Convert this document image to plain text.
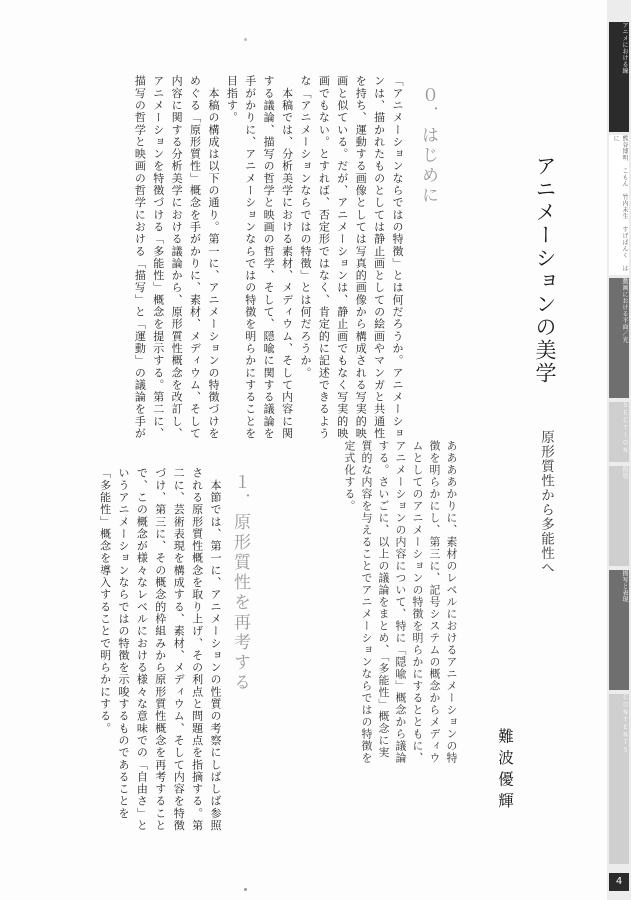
アニメーションの美学
原形質性から多能性へ
難波優輝
ああああかりに、素材のレベルにおけるアニメーションの特徴を明らかにし、第三に、記号システムの概念からメディウムとしてのアニメーションの特徴を明らかにするとともに、アニメーションの内容について、特に「隠喩」概念から議論する。さいごに、以上の議論をまとめ、「多能性」概念に実質的な内容を与えることでアニメーションならではの特徴を定式化する。
０．はじめに
「アニメーションならではの特徴」とは何だろうか。アニメーションは、描かれたものとしては静止画としての絵画やマンガと共通性を持ち、運動する画像としては写真的画像から構成される写実的映画と似ている。だが、アニメーションは、静止画でもなく写実的映画でもない。とすれば、否定形ではなく、肯定的に記述できるような「アニメーションならではの特徴」とは何だろうか。
　本稿では、分析美学における素材、メディウム、そして内容に関する議論、描写の哲学と映画の哲学、そして、隠喩に関する議論を手がかりに、アニメーションならではの特徴を明らかにすることを目指す。
　本稿の構成は以下の通り。第一に、アニメーションの特徴づけをめぐる「原形質性」概念を手がかりに、素材、メディウム、そして内容に関する分析美学における議論から、原形質性概念を改訂し、アニメーションを特徴づける「多能性」概念を提示する。第二に、描写の哲学と映画の哲学における「描写」と「運動」の議論を手が
１．原形質性を再考する
　本節では、第一に、アニメーションの性質の考察にしばしば参照される原形質性概念を取り上げ、その利点と問題点を指摘する。第二に、芸術表現を構成する、素材、メディウム、そして内容を特徴づけ、第三に、その概念的枠組みから原形質性概念を再考することで、この概念が様々なレベルにおける様々な意味での「自由さ」というアニメーションならではの特徴を示唆するものであることを「多能性」概念を導入することで明らかにする。
アニメにおける線
熊谷博明　こもん　竹内未生　すげぱんく　はに
動画における平面／光
SECTION
擬態
描写と表現
CONTENTS
4
